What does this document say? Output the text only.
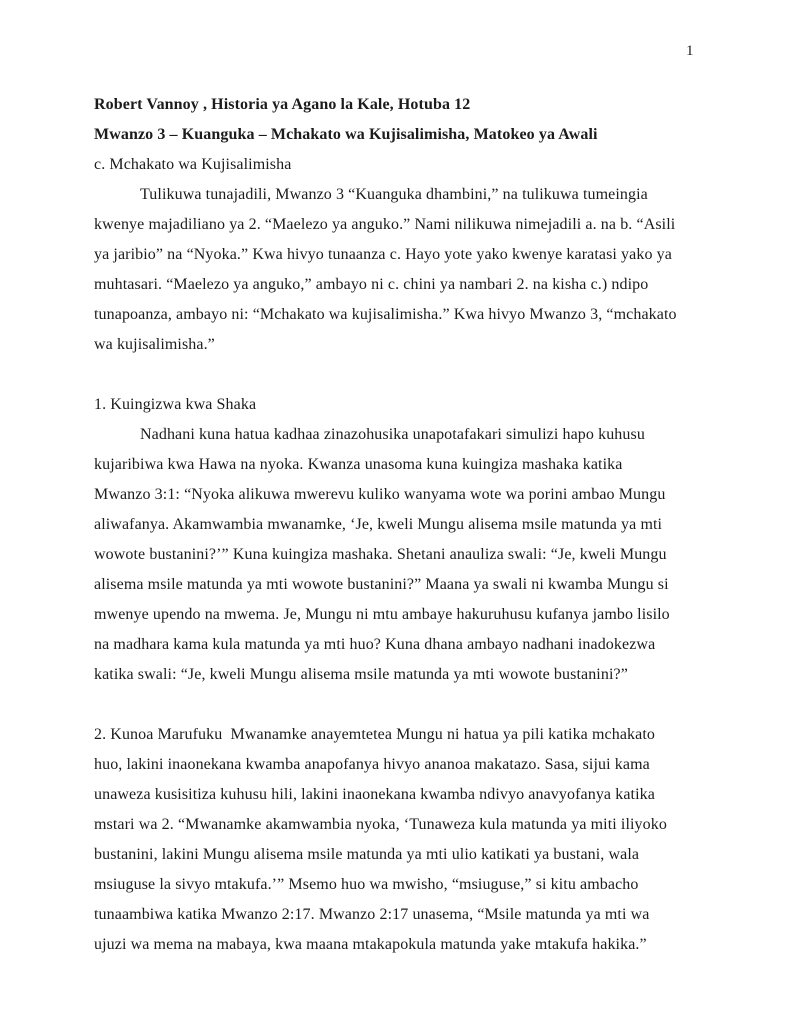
1
Robert Vannoy , Historia ya Agano la Kale, Hotuba 12
Mwanzo 3 – Kuanguka – Mchakato wa Kujisalimisha, Matokeo ya Awali
c. Mchakato wa Kujisalimisha
Tulikuwa tunajadili, Mwanzo 3 “Kuanguka dhambini,” na tulikuwa tumeingia
kwenye majadiliano ya 2. “Maelezo ya anguko.” Nami nilikuwa nimejadili a. na b. “Asili
ya jaribio” na “Nyoka.” Kwa hivyo tunaanza c. Hayo yote yako kwenye karatasi yako ya
muhtasari. “Maelezo ya anguko,” ambayo ni c. chini ya nambari 2. na kisha c.) ndipo
tunapoanza, ambayo ni: “Mchakato wa kujisalimisha.” Kwa hivyo Mwanzo 3, “mchakato
wa kujisalimisha.”
1. Kuingizwa kwa Shaka
Nadhani kuna hatua kadhaa zinazohusika unapotafakari simulizi hapo kuhusu
kujaribiwa kwa Hawa na nyoka. Kwanza unasoma kuna kuingiza mashaka katika
Mwanzo 3:1: “Nyoka alikuwa mwerevu kuliko wanyama wote wa porini ambao Mungu
aliwafanya. Akamwambia mwanamke, ‘Je, kweli Mungu alisema msile matunda ya mti
wowote bustanini?’” Kuna kuingiza mashaka. Shetani anauliza swali: “Je, kweli Mungu
alisema msile matunda ya mti wowote bustanini?” Maana ya swali ni kwamba Mungu si
mwenye upendo na mwema. Je, Mungu ni mtu ambaye hakuruhusu kufanya jambo lisilo
na madhara kama kula matunda ya mti huo? Kuna dhana ambayo nadhani inadokezwa
katika swali: “Je, kweli Mungu alisema msile matunda ya mti wowote bustanini?”
2. Kunoa Marufuku  Mwanamke anayemtetea Mungu ni hatua ya pili katika mchakato
huo, lakini inaonekana kwamba anapofanya hivyo ananoa makatazo. Sasa, sijui kama
unaweza kusisitiza kuhusu hili, lakini inaonekana kwamba ndivyo anavyofanya katika
mstari wa 2. “Mwanamke akamwambia nyoka, ‘Tunaweza kula matunda ya miti iliyoko
bustanini, lakini Mungu alisema msile matunda ya mti ulio katikati ya bustani, wala
msiuguse la sivyo mtakufa.’” Msemo huo wa mwisho, “msiuguse,” si kitu ambacho
tunaambiwa katika Mwanzo 2:17. Mwanzo 2:17 unasema, “Msile matunda ya mti wa
ujuzi wa mema na mabaya, kwa maana mtakapokula matunda yake mtakufa hakika.”
